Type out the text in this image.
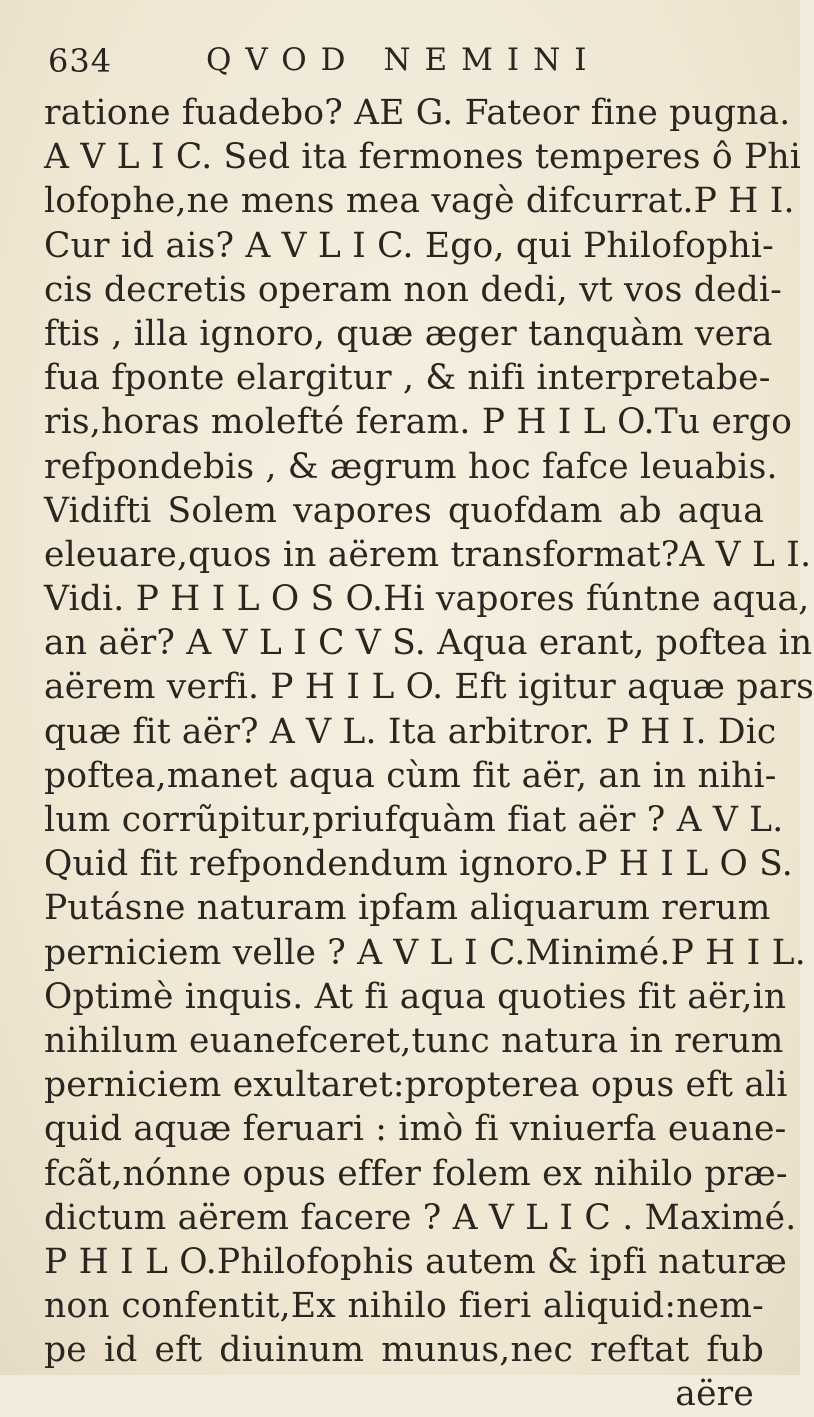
634	QVOD NEMINI
ratione fuadebo? AE G. Fateor fine pugna.
A V L I C. Sed ita fermones temperes ô Phi
lofophe,ne mens mea vagè difcurrat.P H I.
Cur id ais? A V L I C. Ego, qui Philofophi-
cis decretis operam non dedi, vt vos dedi-
ftis , illa ignoro, quæ æger tanquàm vera
fua fponte elargitur , & nifi interpretabe-
ris,horas molefté feram. P H I L O.Tu ergo
refpondebis , & ægrum hoc fafce leuabis.
Vidifti Solem vapores quofdam ab aqua
eleuare,quos in aërem transformat?A V L I.
Vidi. P H I L O S O.Hi vapores fúntne aqua,
an aër? A V L I C V S. Aqua erant, poftea in
aërem verfi. P H I L O. Eft igitur aquæ pars
quæ fit aër? A V L. Ita arbitror. P H I. Dic
poftea,manet aqua cùm fit aër, an in nihi-
lum corrũpitur,priufquàm fiat aër ? A V L.
Quid fit refpondendum ignoro.P H I L O S.
Putásne naturam ipfam aliquarum rerum
perniciem velle ? A V L I C.Minimé.P H I L.
Optimè inquis. At fi aqua quoties fit aër,in
nihilum euanefceret,tunc natura in rerum
perniciem exultaret:propterea opus eft ali
quid aquæ feruari : imò fi vniuerfa euane-
fcãt,nónne opus effer folem ex nihilo præ-
dictum aërem facere ? A V L I C . Maximé.
P H I L O.Philofophis autem & ipfi naturæ
non confentit,Ex nihilo fieri aliquid:nem-
pe id eft diuinum munus,nec reftat fub
aëre
